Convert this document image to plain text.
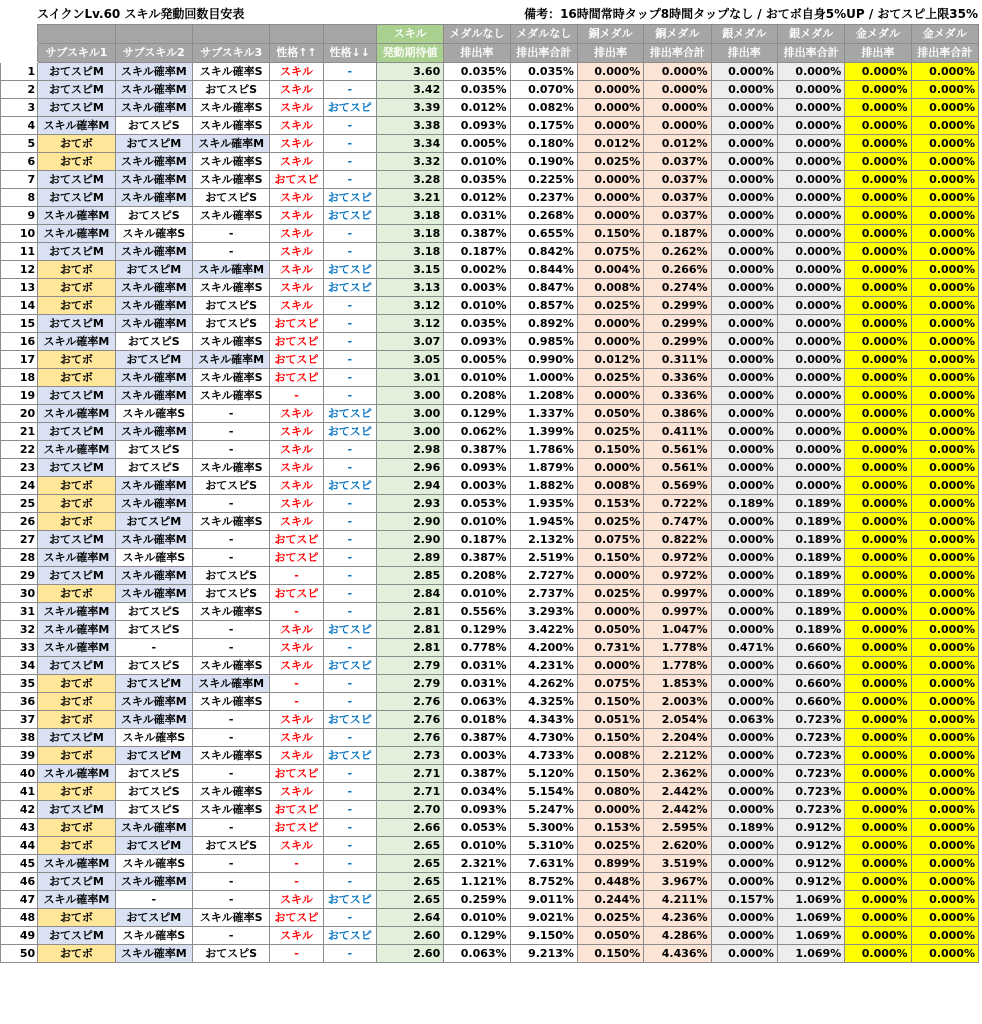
スイクンLv.60 スキル発動回数目安表	備考：16時間常時タップ8時間タップなし / おてボ自身5%UP / おてスピ上限35%
						スキル	メダルなし	メダルなし	銅メダル	銅メダル	銀メダル	銀メダル	金メダル	金メダル
	サブスキル1	サブスキル2	サブスキル3	性格↑↑	性格↓↓	発動期待値	排出率	排出率合計	排出率	排出率合計	排出率	排出率合計	排出率	排出率合計
1	おてスピM	スキル確率M	スキル確率S	スキル	-	3.60	0.035%	0.035%	0.000%	0.000%	0.000%	0.000%	0.000%	0.000%
2	おてスピM	スキル確率M	おてスピS	スキル	-	3.42	0.035%	0.070%	0.000%	0.000%	0.000%	0.000%	0.000%	0.000%
3	おてスピM	スキル確率M	スキル確率S	スキル	おてスピ	3.39	0.012%	0.082%	0.000%	0.000%	0.000%	0.000%	0.000%	0.000%
4	スキル確率M	おてスピS	スキル確率S	スキル	-	3.38	0.093%	0.175%	0.000%	0.000%	0.000%	0.000%	0.000%	0.000%
5	おてボ	おてスピM	スキル確率M	スキル	-	3.34	0.005%	0.180%	0.012%	0.012%	0.000%	0.000%	0.000%	0.000%
6	おてボ	スキル確率M	スキル確率S	スキル	-	3.32	0.010%	0.190%	0.025%	0.037%	0.000%	0.000%	0.000%	0.000%
7	おてスピM	スキル確率M	スキル確率S	おてスピ	-	3.28	0.035%	0.225%	0.000%	0.037%	0.000%	0.000%	0.000%	0.000%
8	おてスピM	スキル確率M	おてスピS	スキル	おてスピ	3.21	0.012%	0.237%	0.000%	0.037%	0.000%	0.000%	0.000%	0.000%
9	スキル確率M	おてスピS	スキル確率S	スキル	おてスピ	3.18	0.031%	0.268%	0.000%	0.037%	0.000%	0.000%	0.000%	0.000%
10	スキル確率M	スキル確率S	-	スキル	-	3.18	0.387%	0.655%	0.150%	0.187%	0.000%	0.000%	0.000%	0.000%
11	おてスピM	スキル確率M	-	スキル	-	3.18	0.187%	0.842%	0.075%	0.262%	0.000%	0.000%	0.000%	0.000%
12	おてボ	おてスピM	スキル確率M	スキル	おてスピ	3.15	0.002%	0.844%	0.004%	0.266%	0.000%	0.000%	0.000%	0.000%
13	おてボ	スキル確率M	スキル確率S	スキル	おてスピ	3.13	0.003%	0.847%	0.008%	0.274%	0.000%	0.000%	0.000%	0.000%
14	おてボ	スキル確率M	おてスピS	スキル	-	3.12	0.010%	0.857%	0.025%	0.299%	0.000%	0.000%	0.000%	0.000%
15	おてスピM	スキル確率M	おてスピS	おてスピ	-	3.12	0.035%	0.892%	0.000%	0.299%	0.000%	0.000%	0.000%	0.000%
16	スキル確率M	おてスピS	スキル確率S	おてスピ	-	3.07	0.093%	0.985%	0.000%	0.299%	0.000%	0.000%	0.000%	0.000%
17	おてボ	おてスピM	スキル確率M	おてスピ	-	3.05	0.005%	0.990%	0.012%	0.311%	0.000%	0.000%	0.000%	0.000%
18	おてボ	スキル確率M	スキル確率S	おてスピ	-	3.01	0.010%	1.000%	0.025%	0.336%	0.000%	0.000%	0.000%	0.000%
19	おてスピM	スキル確率M	スキル確率S	-	-	3.00	0.208%	1.208%	0.000%	0.336%	0.000%	0.000%	0.000%	0.000%
20	スキル確率M	スキル確率S	-	スキル	おてスピ	3.00	0.129%	1.337%	0.050%	0.386%	0.000%	0.000%	0.000%	0.000%
21	おてスピM	スキル確率M	-	スキル	おてスピ	3.00	0.062%	1.399%	0.025%	0.411%	0.000%	0.000%	0.000%	0.000%
22	スキル確率M	おてスピS	-	スキル	-	2.98	0.387%	1.786%	0.150%	0.561%	0.000%	0.000%	0.000%	0.000%
23	おてスピM	おてスピS	スキル確率S	スキル	-	2.96	0.093%	1.879%	0.000%	0.561%	0.000%	0.000%	0.000%	0.000%
24	おてボ	スキル確率M	おてスピS	スキル	おてスピ	2.94	0.003%	1.882%	0.008%	0.569%	0.000%	0.000%	0.000%	0.000%
25	おてボ	スキル確率M	-	スキル	-	2.93	0.053%	1.935%	0.153%	0.722%	0.189%	0.189%	0.000%	0.000%
26	おてボ	おてスピM	スキル確率S	スキル	-	2.90	0.010%	1.945%	0.025%	0.747%	0.000%	0.189%	0.000%	0.000%
27	おてスピM	スキル確率M	-	おてスピ	-	2.90	0.187%	2.132%	0.075%	0.822%	0.000%	0.189%	0.000%	0.000%
28	スキル確率M	スキル確率S	-	おてスピ	-	2.89	0.387%	2.519%	0.150%	0.972%	0.000%	0.189%	0.000%	0.000%
29	おてスピM	スキル確率M	おてスピS	-	-	2.85	0.208%	2.727%	0.000%	0.972%	0.000%	0.189%	0.000%	0.000%
30	おてボ	スキル確率M	おてスピS	おてスピ	-	2.84	0.010%	2.737%	0.025%	0.997%	0.000%	0.189%	0.000%	0.000%
31	スキル確率M	おてスピS	スキル確率S	-	-	2.81	0.556%	3.293%	0.000%	0.997%	0.000%	0.189%	0.000%	0.000%
32	スキル確率M	おてスピS	-	スキル	おてスピ	2.81	0.129%	3.422%	0.050%	1.047%	0.000%	0.189%	0.000%	0.000%
33	スキル確率M	-	-	スキル	-	2.81	0.778%	4.200%	0.731%	1.778%	0.471%	0.660%	0.000%	0.000%
34	おてスピM	おてスピS	スキル確率S	スキル	おてスピ	2.79	0.031%	4.231%	0.000%	1.778%	0.000%	0.660%	0.000%	0.000%
35	おてボ	おてスピM	スキル確率M	-	-	2.79	0.031%	4.262%	0.075%	1.853%	0.000%	0.660%	0.000%	0.000%
36	おてボ	スキル確率M	スキル確率S	-	-	2.76	0.063%	4.325%	0.150%	2.003%	0.000%	0.660%	0.000%	0.000%
37	おてボ	スキル確率M	-	スキル	おてスピ	2.76	0.018%	4.343%	0.051%	2.054%	0.063%	0.723%	0.000%	0.000%
38	おてスピM	スキル確率S	-	スキル	-	2.76	0.387%	4.730%	0.150%	2.204%	0.000%	0.723%	0.000%	0.000%
39	おてボ	おてスピM	スキル確率S	スキル	おてスピ	2.73	0.003%	4.733%	0.008%	2.212%	0.000%	0.723%	0.000%	0.000%
40	スキル確率M	おてスピS	-	おてスピ	-	2.71	0.387%	5.120%	0.150%	2.362%	0.000%	0.723%	0.000%	0.000%
41	おてボ	おてスピS	スキル確率S	スキル	-	2.71	0.034%	5.154%	0.080%	2.442%	0.000%	0.723%	0.000%	0.000%
42	おてスピM	おてスピS	スキル確率S	おてスピ	-	2.70	0.093%	5.247%	0.000%	2.442%	0.000%	0.723%	0.000%	0.000%
43	おてボ	スキル確率M	-	おてスピ	-	2.66	0.053%	5.300%	0.153%	2.595%	0.189%	0.912%	0.000%	0.000%
44	おてボ	おてスピM	おてスピS	スキル	-	2.65	0.010%	5.310%	0.025%	2.620%	0.000%	0.912%	0.000%	0.000%
45	スキル確率M	スキル確率S	-	-	-	2.65	2.321%	7.631%	0.899%	3.519%	0.000%	0.912%	0.000%	0.000%
46	おてスピM	スキル確率M	-	-	-	2.65	1.121%	8.752%	0.448%	3.967%	0.000%	0.912%	0.000%	0.000%
47	スキル確率M	-	-	スキル	おてスピ	2.65	0.259%	9.011%	0.244%	4.211%	0.157%	1.069%	0.000%	0.000%
48	おてボ	おてスピM	スキル確率S	おてスピ	-	2.64	0.010%	9.021%	0.025%	4.236%	0.000%	1.069%	0.000%	0.000%
49	おてスピM	スキル確率S	-	スキル	おてスピ	2.60	0.129%	9.150%	0.050%	4.286%	0.000%	1.069%	0.000%	0.000%
50	おてボ	スキル確率M	おてスピS	-	-	2.60	0.063%	9.213%	0.150%	4.436%	0.000%	1.069%	0.000%	0.000%
